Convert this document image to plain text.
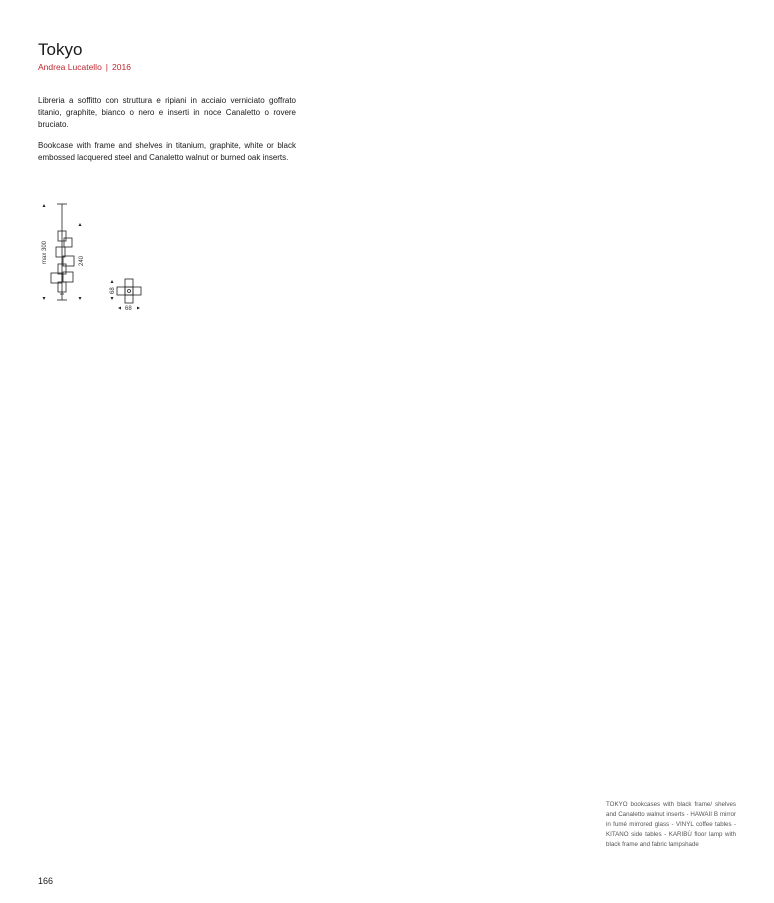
Tokyo
Andrea Lucatello | 2016

Libreria a soffitto con struttura e ripiani in acciaio verniciato goffrato titanio, graphite, bianco o nero e inserti in noce Canaletto o rovere bruciato.

Bookcase with frame and shelves in titanium, graphite, white or black embossed lacquered steel and Canaletto walnut or burned oak inserts.

max 300	240
68
68
TOKYO bookcases with black frame/ shelves and Canaletto walnut inserts - HAWAII B mirror in fumé mirrored glass - VINYL coffee tables - KITANO side tables - KARIBÙ floor lamp with black frame and fabric lampshade
166
